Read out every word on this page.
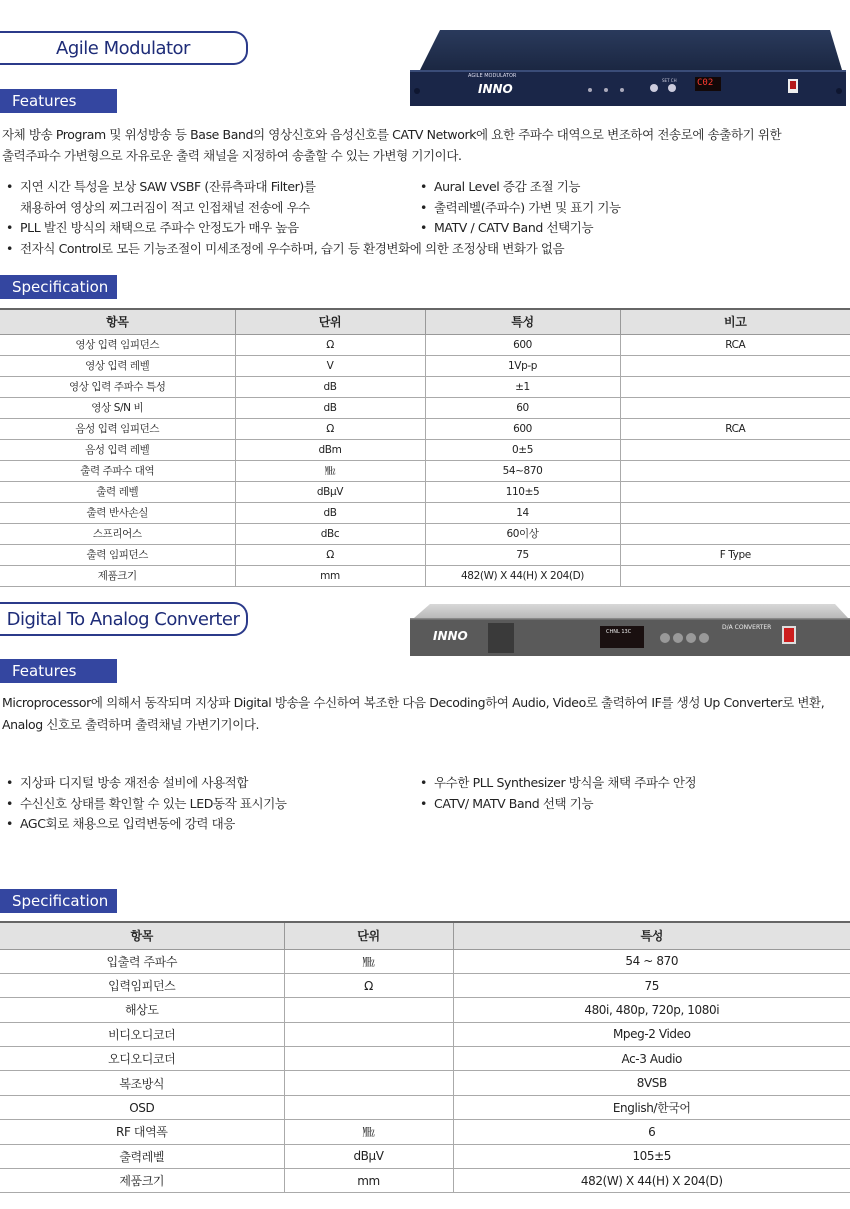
Agile Modulator
AGILE MODULATOR
INNO	C02
SET CH
Features
자체 방송 Program 및 위성방송 등 Base Band의 영상신호와 음성신호를 CATV Network에 요한 주파수 대역으로 변조하여 전송로에 송출하기 위한
출력주파수 가변형으로 자유로운 출력 채널을 지정하여 송출할 수 있는 가변형 기기이다.
• 지연 시간 특성을 보상 SAW VSBF (잔류측파대 Filter)를
채용하여 영상의 찌그러짐이 적고 인접채널 전송에 우수
• PLL 발진 방식의 채택으로 주파수 안정도가 매우 높음
• 전자식 Control로 모든 기능조절이 미세조정에 우수하며, 습기 등 환경변화에 의한 조정상태 변화가 없음
• Aural Level 증감 조절 기능
• 출력레벨(주파수) 가변 및 표기 기능
• MATV / CATV Band 선택기능
Specification
항목	단위	특성	비고
영상 입력 임피던스	Ω	600	RCA
영상 입력 레벨	V	1Vp-p	
영상 입력 주파수 특성	dB	±1	
영상 S/N 비	dB	60	
음성 입력 임피던스	Ω	600	RCA
음성 입력 레벨	dBm	0±5	
출력 주파수 대역	㎒	54~870	
출력 레벨	dBμV	110±5	
출력 반사손실	dB	14	
스프리어스	dBc	60이상	
출력 임피던스	Ω	75	F Type
제품크기	mm	482(W) X 44(H) X 204(D)	
Digital To Analog Converter
INNO	CHNL 13C
D/A CONVERTER
Features
Microprocessor에 의해서 동작되며 지상파 Digital 방송을 수신하여 복조한 다음 Decoding하여 Audio, Video로 출력하여 IF를 생성 Up Converter로 변환,
Analog 신호로 출력하며 출력채널 가변기기이다.
• 지상파 디지털 방송 재전송 설비에 사용적합
• 수신신호 상태를 확인할 수 있는 LED동작 표시기능
• AGC회로 채용으로 입력변동에 강력 대응
• 우수한 PLL Synthesizer 방식을 채택 주파수 안정
• CATV/ MATV Band 선택 기능
Specification
항목	단위	특성
입출력 주파수	㎒	54 ~ 870
입력임피던스	Ω	75
해상도		480i, 480p, 720p, 1080i
비디오디코더		Mpeg-2 Video
오디오디코더		Ac-3 Audio
복조방식		8VSB
OSD		English/한국어
RF 대역폭	㎒	6
출력레벨	dBμV	105±5
제품크기	mm	482(W) X 44(H) X 204(D)
